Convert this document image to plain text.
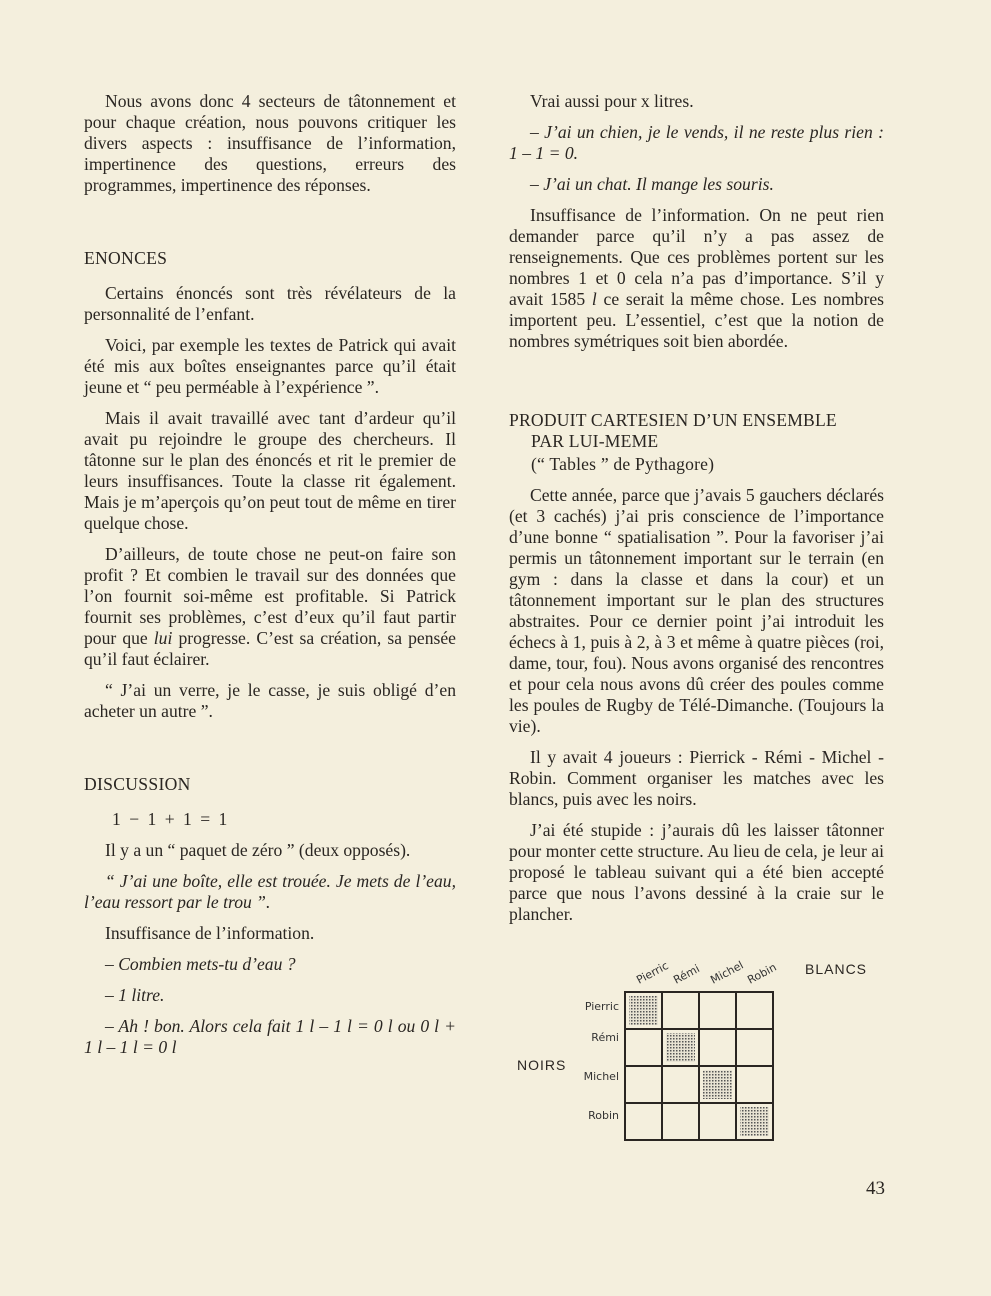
Nous avons donc 4 secteurs de tâtonnement et pour chaque création, nous pouvons critiquer les divers aspects : insuffisance de l’information, impertinence des questions, erreurs des programmes, impertinence des réponses.

ENONCES

Certains énoncés sont très révélateurs de la personnalité de l’enfant.

Voici, par exemple les textes de Patrick qui avait été mis aux boîtes enseignantes parce qu’il était jeune et “ peu perméable à l’expérience ”.

Mais il avait travaillé avec tant d’ardeur qu’il avait pu rejoindre le groupe des chercheurs. Il tâtonne sur le plan des énoncés et rit le premier de leurs insuffisances. Toute la classe rit également. Mais je m’aperçois qu’on peut tout de même en tirer quelque chose.

D’ailleurs, de toute chose ne peut-on faire son profit ? Et combien le travail sur des données que l’on fournit soi-même est profitable. Si Patrick fournit ses problèmes, c’est d’eux qu’il faut partir pour que lui progresse. C’est sa création, sa pensée qu’il faut éclairer.

“ J’ai un verre, je le casse, je suis obligé d’en acheter un autre ”.

DISCUSSION
1 − 1 + 1 = 1

Il y a un “ paquet de zéro ” (deux opposés).

“ J’ai une boîte, elle est trouée. Je mets de l’eau, l’eau ressort par le trou ”.

Insuffisance de l’information.

– Combien mets-tu d’eau ?

– 1 litre.

– Ah ! bon. Alors cela fait 1 l – 1 l = 0 l ou 0 l + 1 l – 1 l = 0 l

Vrai aussi pour x litres.

– J’ai un chien, je le vends, il ne reste plus rien : 1 – 1 = 0.

– J’ai un chat. Il mange les souris.

Insuffisance de l’information. On ne peut rien demander parce qu’il n’y a pas assez de renseignements. Que ces problèmes portent sur les nombres 1 et 0 cela n’a pas d’importance. S’il y avait 1585 l ce serait la même chose. Les nombres importent peu. L’essentiel, c’est que la notion de nombres symétriques soit bien abordée.

PRODUIT CARTESIEN D’UN ENSEMBLE
PAR LUI-MEME
(“ Tables ” de Pythagore)

Cette année, parce que j’avais 5 gauchers déclarés (et 3 cachés) j’ai pris conscience de l’importance d’une bonne “ spatialisation ”. Pour la favoriser j’ai permis un tâtonnement important sur le terrain (en gym : dans la classe et dans la cour) et un tâtonnement important sur le plan des structures abstraites. Pour ce dernier point j’ai introduit les échecs à 1, puis à 2, à 3 et même à quatre pièces (roi, dame, tour, fou). Nous avons organisé des rencontres et pour cela nous avons dû créer des poules comme les poules de Rugby de Télé-Dimanche. (Toujours la vie).

Il y avait 4 joueurs : Pierrick - Rémi - Michel - Robin. Comment organiser les matches avec les blancs, puis avec les noirs.

J’ai été stupide : j’aurais dû les laisser tâtonner pour monter cette structure. Au lieu de cela, je leur ai proposé le tableau suivant qui a été bien accepté parce que nous l’avons dessiné à la craie sur le plancher.

Pierric Rémi Michel Robin BLANCS
NOIRS
Pierric
Rémi
Michel
Robin
43
